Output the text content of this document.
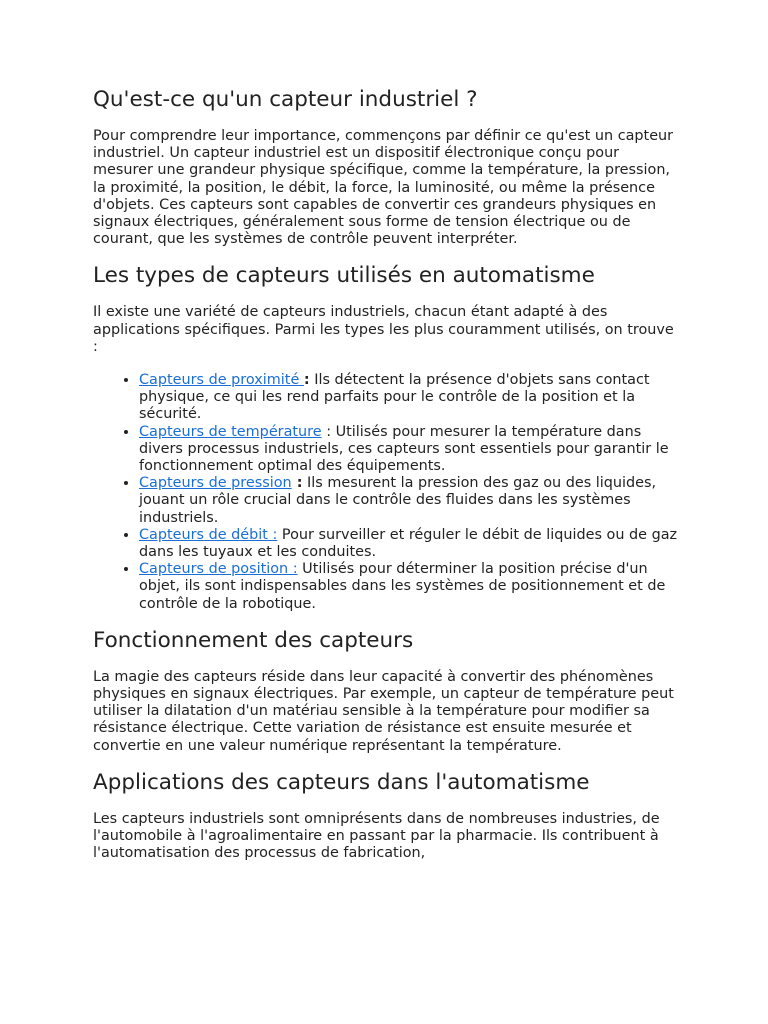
Qu'est-ce qu'un capteur industriel ?

Pour comprendre leur importance, commençons par définir ce qu'est un capteur industriel. Un capteur industriel est un dispositif électronique conçu pour mesurer une grandeur physique spécifique, comme la température, la pression, la proximité, la position, le débit, la force, la luminosité, ou même la présence d'objets. Ces capteurs sont capables de convertir ces grandeurs physiques en signaux électriques, généralement sous forme de tension électrique ou de courant, que les systèmes de contrôle peuvent interpréter.

Les types de capteurs utilisés en automatisme

Il existe une variété de capteurs industriels, chacun étant adapté à des applications spécifiques. Parmi les types les plus couramment utilisés, on trouve :

• Capteurs de proximité : Ils détectent la présence d'objets sans contact physique, ce qui les rend parfaits pour le contrôle de la position et la sécurité.
• Capteurs de température : Utilisés pour mesurer la température dans divers processus industriels, ces capteurs sont essentiels pour garantir le fonctionnement optimal des équipements.
• Capteurs de pression : Ils mesurent la pression des gaz ou des liquides, jouant un rôle crucial dans le contrôle des fluides dans les systèmes industriels.
• Capteurs de débit : Pour surveiller et réguler le débit de liquides ou de gaz dans les tuyaux et les conduites.
• Capteurs de position : Utilisés pour déterminer la position précise d'un objet, ils sont indispensables dans les systèmes de positionnement et de contrôle de la robotique.
Fonctionnement des capteurs

La magie des capteurs réside dans leur capacité à convertir des phénomènes physiques en signaux électriques. Par exemple, un capteur de température peut utiliser la dilatation d'un matériau sensible à la température pour modifier sa résistance électrique. Cette variation de résistance est ensuite mesurée et convertie en une valeur numérique représentant la température.

Applications des capteurs dans l'automatisme

Les capteurs industriels sont omniprésents dans de nombreuses industries, de l'automobile à l'agroalimentaire en passant par la pharmacie. Ils contribuent à l'automatisation des processus de fabrication,
